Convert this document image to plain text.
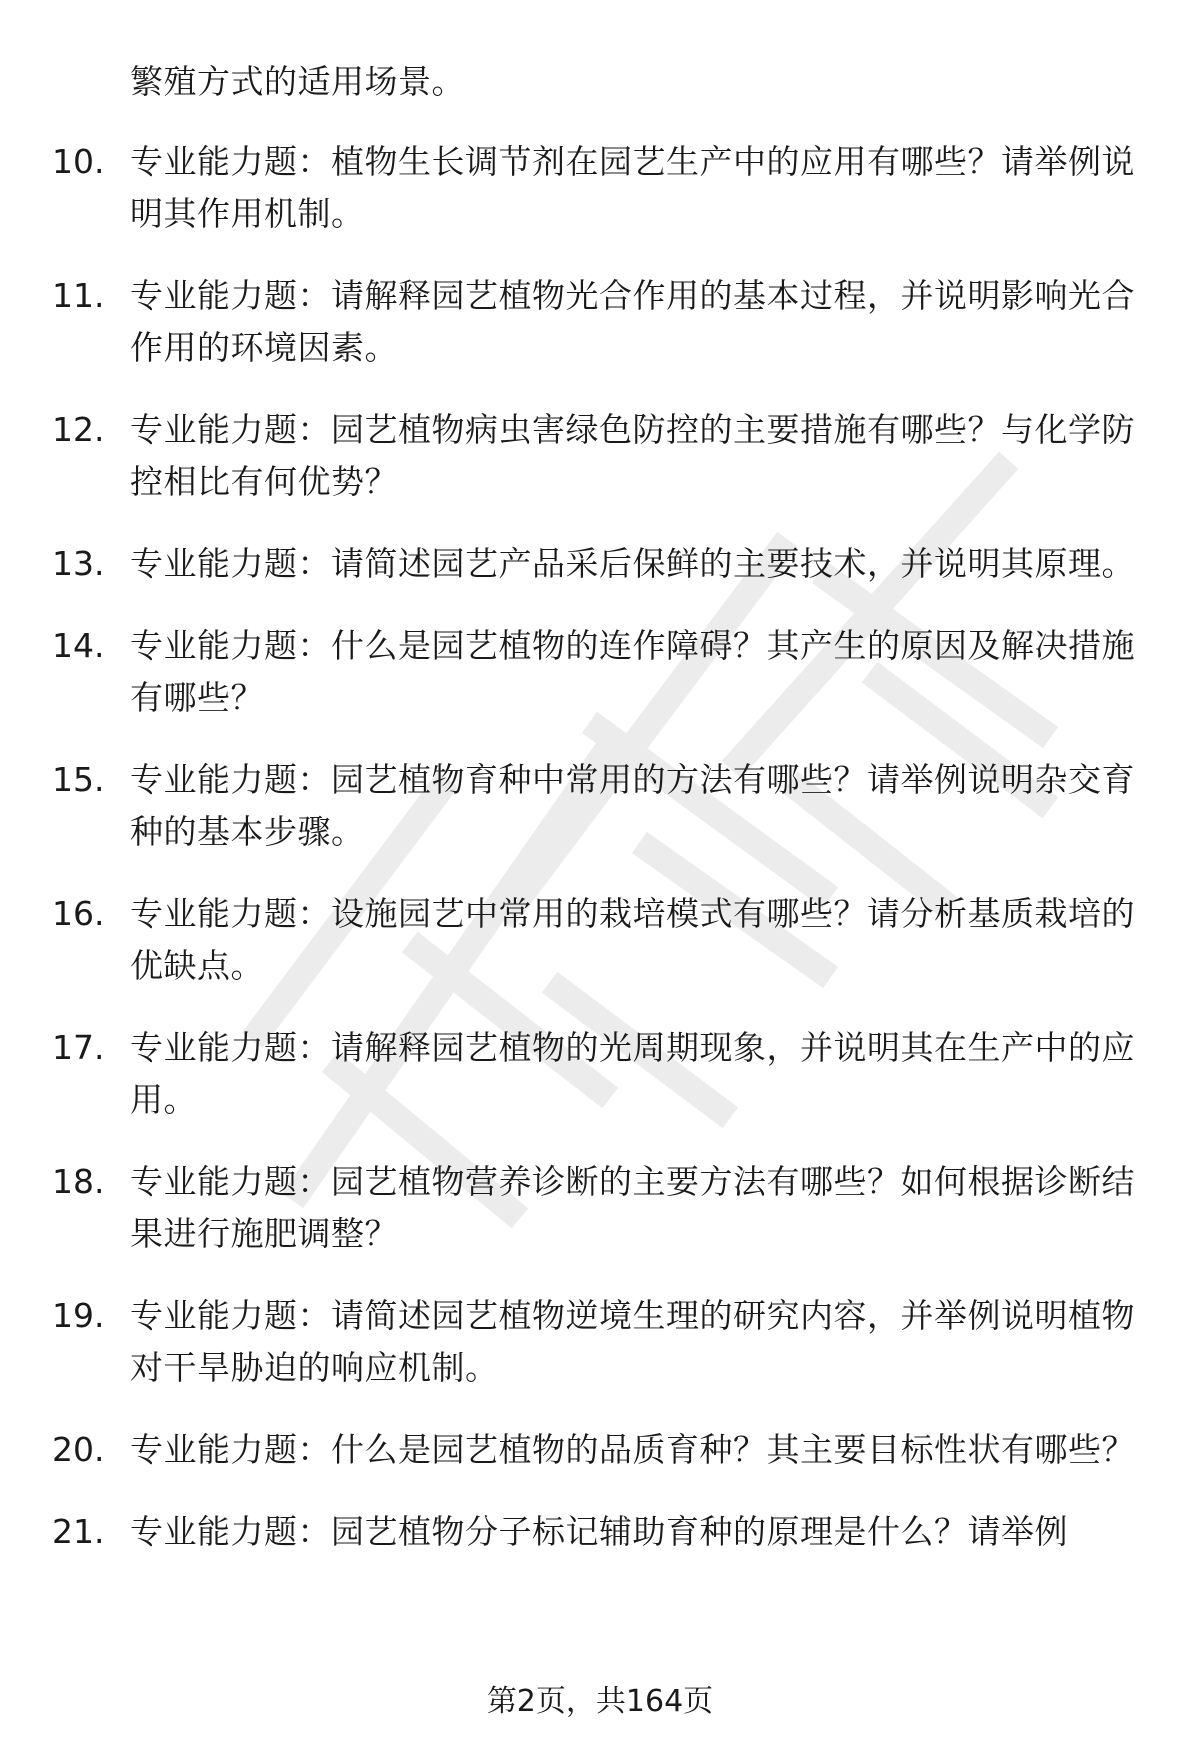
繁殖方式的适用场景。
10. 专业能力题：植物生长调节剂在园艺生产中的应用有哪些？请举例说明其作用机制。
11. 专业能力题：请解释园艺植物光合作用的基本过程，并说明影响光合作用的环境因素。
12. 专业能力题：园艺植物病虫害绿色防控的主要措施有哪些？与化学防控相比有何优势？
13. 专业能力题：请简述园艺产品采后保鲜的主要技术，并说明其原理。
14. 专业能力题：什么是园艺植物的连作障碍？其产生的原因及解决措施有哪些？
15. 专业能力题：园艺植物育种中常用的方法有哪些？请举例说明杂交育种的基本步骤。
16. 专业能力题：设施园艺中常用的栽培模式有哪些？请分析基质栽培的优缺点。
17. 专业能力题：请解释园艺植物的光周期现象，并说明其在生产中的应用。
18. 专业能力题：园艺植物营养诊断的主要方法有哪些？如何根据诊断结果进行施肥调整？
19. 专业能力题：请简述园艺植物逆境生理的研究内容，并举例说明植物对干旱胁迫的响应机制。
20. 专业能力题：什么是园艺植物的品质育种？其主要目标性状有哪些？
21. 专业能力题：园艺植物分子标记辅助育种的原理是什么？请举例
第2页，共164页
